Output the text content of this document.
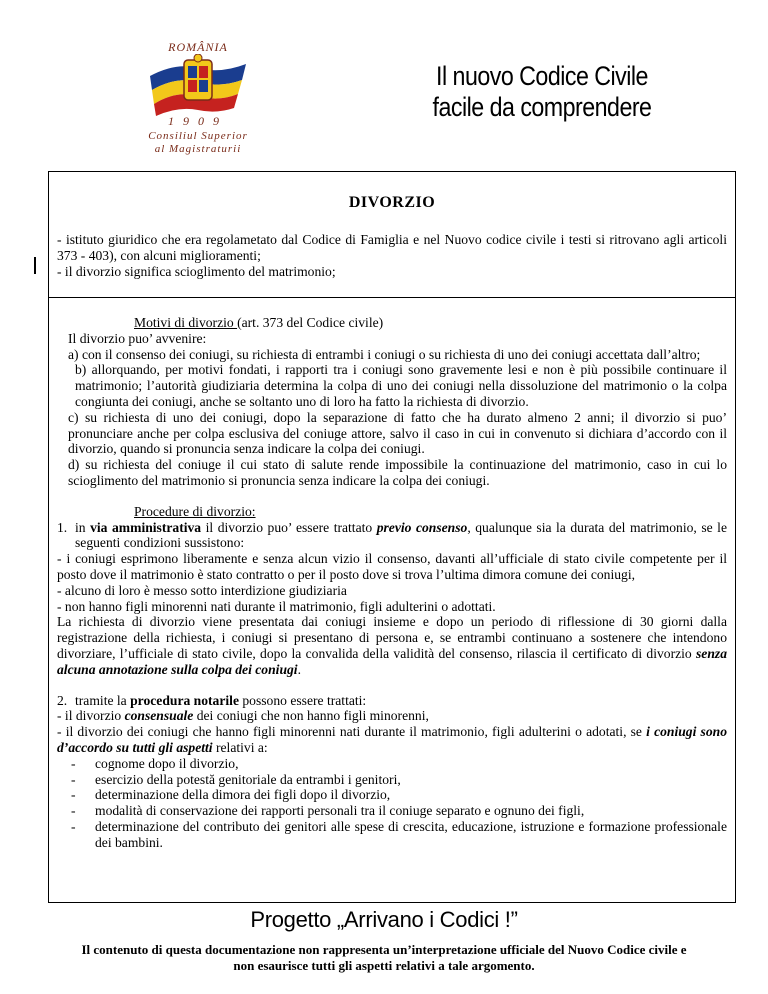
ROMÂNIA
1909
Consiliul Superior
al Magistraturii
Il nuovo Codice Civile
facile da comprendere
DIVORZIO

- istituto giuridico che era regolametato dal Codice di Famiglia e nel Nuovo codice civile i testi si ritrovano agli articoli 373 - 403), con alcuni miglioramenti;

- il divorzio significa scioglimento del matrimonio;

Motivi di divorzio (art. 373 del Codice civile)

Il divorzio puo’ avvenire:

a) con il consenso dei coniugi, su richiesta di entrambi i coniugi o su richiesta di uno dei coniugi accettata dall’altro;

b) allorquando, per motivi fondati, i rapporti tra i coniugi sono gravemente lesi e non è più possibile continuare il matrimonio; l’autorità giudiziaria determina la colpa di uno dei coniugi nella dissoluzione del matrimonio o la colpa congiunta dei coniugi, anche se soltanto uno di loro ha fatto la richiesta di divorzio.

c) su richiesta di uno dei coniugi, dopo la separazione di fatto che ha durato almeno 2 anni; il divorzio si puo’ pronunciare anche per colpa esclusiva del coniuge attore, salvo il caso in cui in convenuto si dichiara d’accordo con il divorzio, quando si pronuncia senza indicare la colpa dei coniugi.

d) su richiesta del coniuge il cui stato di salute rende impossibile la continuazione del matrimonio, caso in cui lo scioglimento del matrimonio si pronuncia senza indicare la colpa dei coniugi.

Procedure di divorzio:

1. in via amministrativa il divorzio puo’ essere trattato previo consenso, qualunque sia la durata del matrimonio, se le seguenti condizioni sussistono:

- i coniugi esprimono liberamente e senza alcun vizio il consenso, davanti all’ufficiale di stato civile competente per il posto dove il matrimonio è stato contratto o per il posto dove si trova l’ultima dimora comune dei coniugi,

- alcuno di loro è messo sotto interdizione giudiziaria

- non hanno figli minorenni nati durante il matrimonio, figli adulterini o adottati.

La richiesta di divorzio viene presentata dai coniugi insieme e dopo un periodo di riflessione di 30 giorni dalla registrazione della richiesta, i coniugi si presentano di persona e, se entrambi continuano a sostenere che intendono divorziare, l’ufficiale di stato civile, dopo la convalida della validità del consenso, rilascia il certificato di divorzio senza alcuna annotazione sulla colpa dei coniugi.

2. tramite la procedura notarile possono essere trattati:

- il divorzio consensuale dei coniugi che non hanno figli minorenni,

- il divorzio dei coniugi che hanno figli minorenni nati durante il matrimonio, figli adulterini o adotati, se i coniugi sono d’accordo su tutti gli aspetti relativi a:

-	cognome dopo il divorzio,
-	esercizio della potestă genitoriale da entrambi i genitori,
-	determinazione della dimora dei figli dopo il divorzio,
-	modalità di conservazione dei rapporti personali tra il coniuge separato e ognuno dei figli,
-	determinazione del contributo dei genitori alle spese di crescita, educazione, istruzione e formazione professionale dei bambini.
Progetto „Arrivano i Codici !”
Il contenuto di questa documentazione non rappresenta un’interpretazione ufficiale del Nuovo Codice civile e
non esaurisce tutti gli aspetti relativi a tale argomento.
